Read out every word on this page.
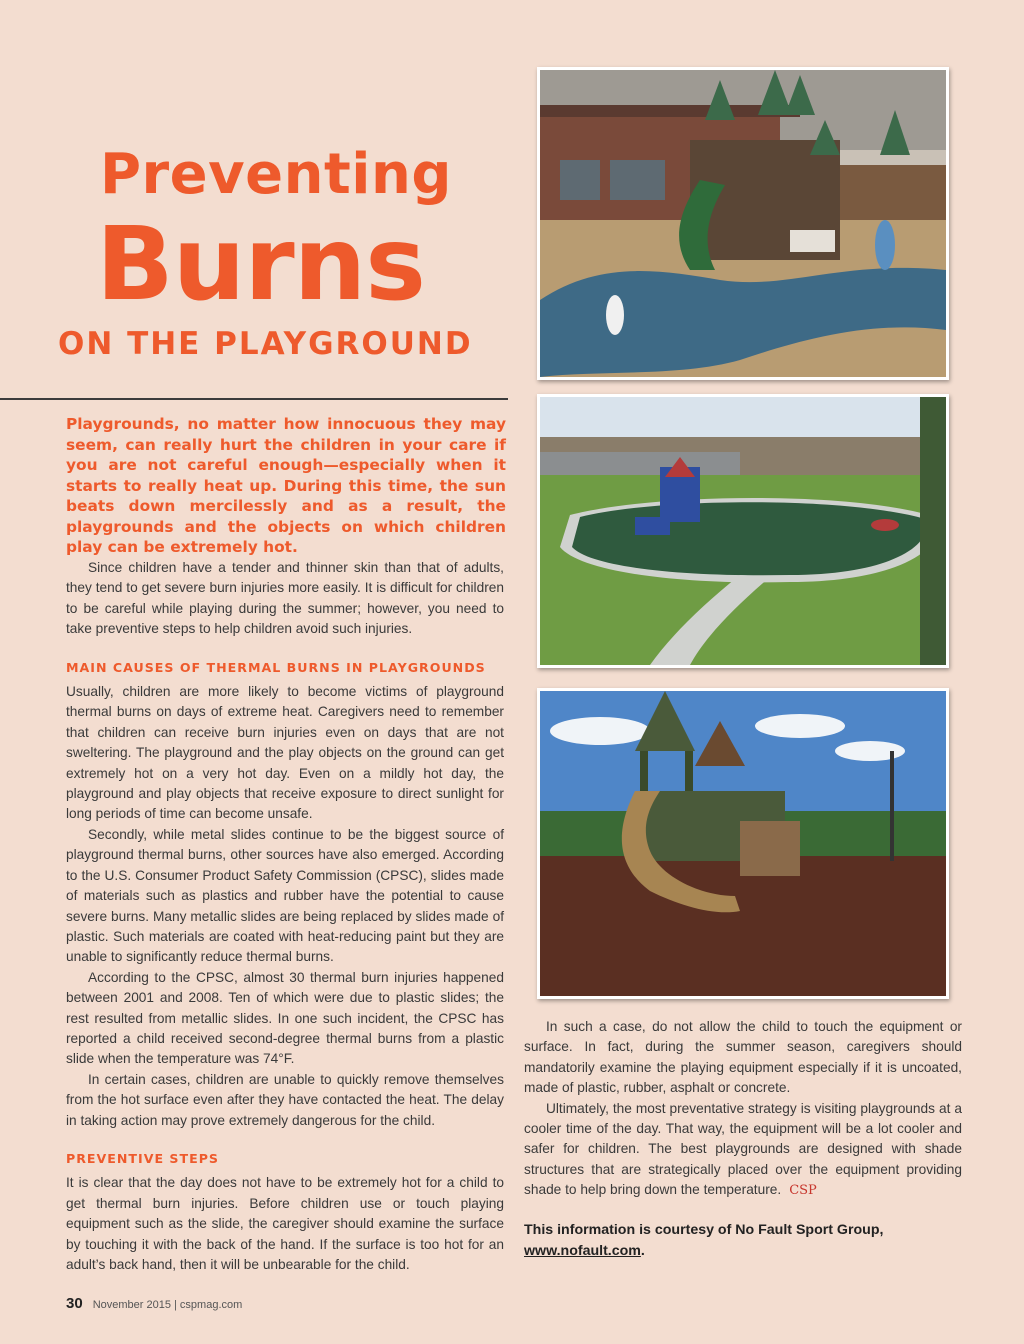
Preventing
Burns
ON THE PLAYGROUND
Playgrounds, no matter how innocuous they may seem, can really hurt the children in your care if you are not careful enough—especially when it starts to really heat up. During this time, the sun beats down mercilessly and as a result, the playgrounds and the objects on which children play can be extremely hot.

Since children have a tender and thinner skin than that of adults, they tend to get severe burn injuries more easily. It is difficult for children to be careful while playing during the summer; however, you need to take preventive steps to help children avoid such injuries.

MAIN CAUSES OF THERMAL BURNS IN PLAYGROUNDS

Usually, children are more likely to become victims of playground thermal burns on days of extreme heat. Caregivers need to remember that children can receive burn injuries even on days that are not sweltering. The playground and the play objects on the ground can get extremely hot on a very hot day. Even on a mildly hot day, the playground and play objects that receive exposure to direct sunlight for long periods of time can become unsafe.

Secondly, while metal slides continue to be the biggest source of playground thermal burns, other sources have also emerged. According to the U.S. Consumer Product Safety Commission (CPSC), slides made of materials such as plastics and rubber have the potential to cause severe burns. Many metallic slides are being replaced by slides made of plastic. Such materials are coated with heat-reducing paint but they are unable to significantly reduce thermal burns.

According to the CPSC, almost 30 thermal burn injuries happened between 2001 and 2008. Ten of which were due to plastic slides; the rest resulted from metallic slides. In one such incident, the CPSC has reported a child received second-degree thermal burns from a plastic slide when the temperature was 74°F.

In certain cases, children are unable to quickly remove themselves from the hot surface even after they have contacted the heat. The delay in taking action may prove extremely dangerous for the child.

PREVENTIVE STEPS

It is clear that the day does not have to be extremely hot for a child to get thermal burn injuries. Before children use or touch playing equipment such as the slide, the caregiver should examine the surface by touching it with the back of the hand. If the surface is too hot for an adult’s back hand, then it will be unbearable for the child.

In such a case, do not allow the child to touch the equipment or surface. In fact, during the summer season, caregivers should mandatorily examine the playing equipment especially if it is uncoated, made of plastic, rubber, asphalt or concrete.

Ultimately, the most preventative strategy is visiting playgrounds at a cooler time of the day. That way, the equipment will be a lot cooler and safer for children. The best playgrounds are designed with shade structures that are strategically placed over the equipment providing shade to help bring down the temperature. CSP

This information is courtesy of No Fault Sport Group,
www.nofault.com.
30 November 2015 | cspmag.com
